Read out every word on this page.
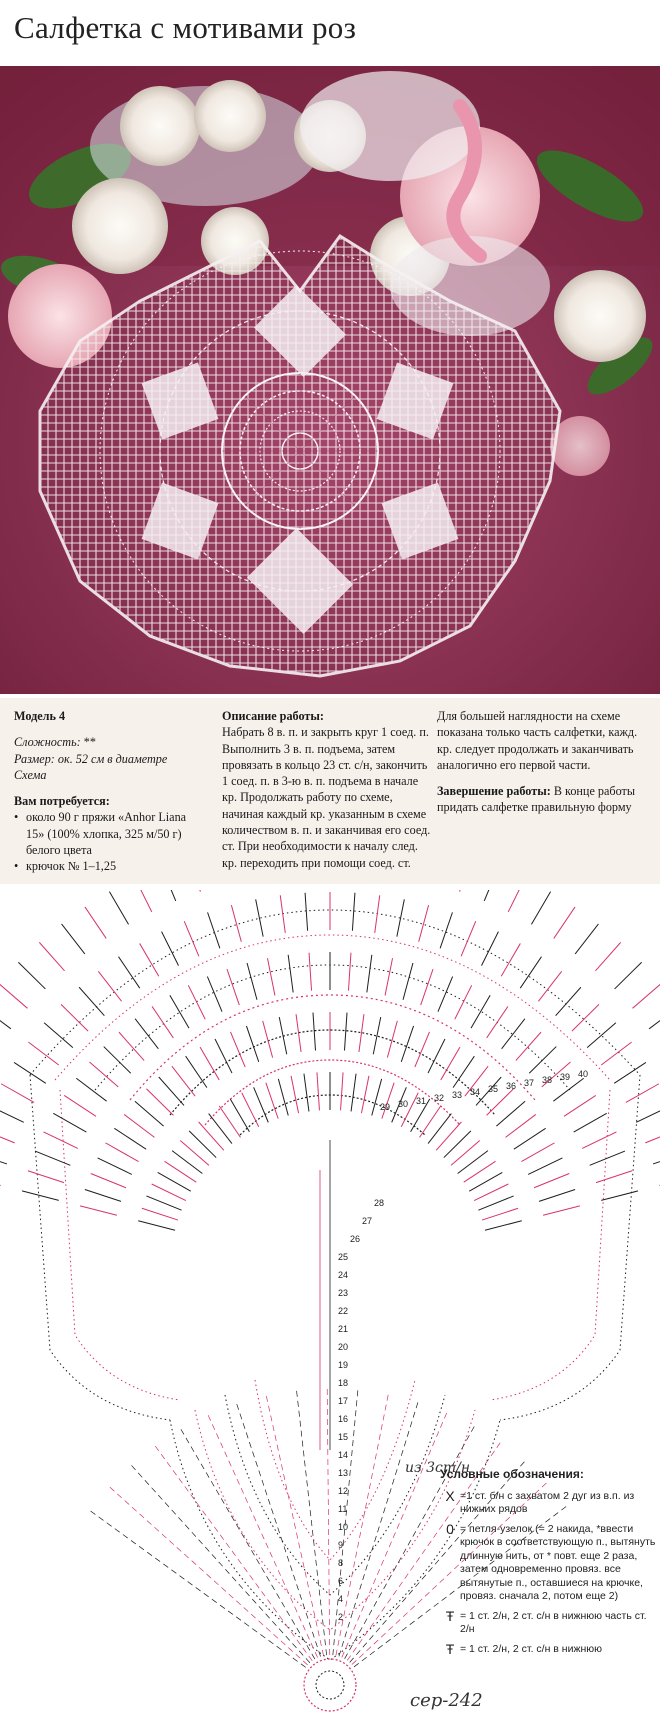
Салфетка с мотивами роз
Модель 4
Сложность: **
Размер: ок. 52 см в диаметре
Схема
Вам потребуется:
• около 90 г пряжи «Anhor Liana 15» (100% хлопка, 325 м/50 г) белого цвета
• крючок № 1–1,25
Описание работы:
Набрать 8 в. п. и закрыть круг 1 соед. п. Выполнить 3 в. п. подъема, затем провязать в кольцо 23 ст. с/н, закончить 1 соед. п. в 3-ю в. п. подъема в начале кр. Продолжать работу по схеме, начиная каждый кр. указанным в схеме количеством в. п. и заканчивая его соед. ст. При необходимости к началу след. кр. переходить при помощи соед. ст.
Для большей наглядности на схеме показана только часть салфетки, кажд. кр. следует продолжать и заканчивать аналогично его первой части.
Завершение работы: В конце работы придать салфетке правильную форму
2
4
6
8
9
10
11
12
13
14
15
16
17
18
19
20
21
22
23
24
25
26
27
28
29 30 31 32 33 34 35 36 37 38 39 40
из 3ст/н
сер-242
Условные обозначения:
X =1 ст. б/н с захватом 2 дуг из в.п. из нижних рядов
0 = петля-узелок (= 2 накида, *ввести крючок в соответствующую п., вытянуть длинную нить, от * повт. еще 2 раза, затем одновременно провяз. все вытянутые п., оставшиеся на крючке, провяз. сначала 2, потом еще 2)
Ŧ = 1 ст. 2/н, 2 ст. с/н в нижнюю часть ст. 2/н
Ŧ = 1 ст. 2/н, 2 ст. с/н в нижнюю
